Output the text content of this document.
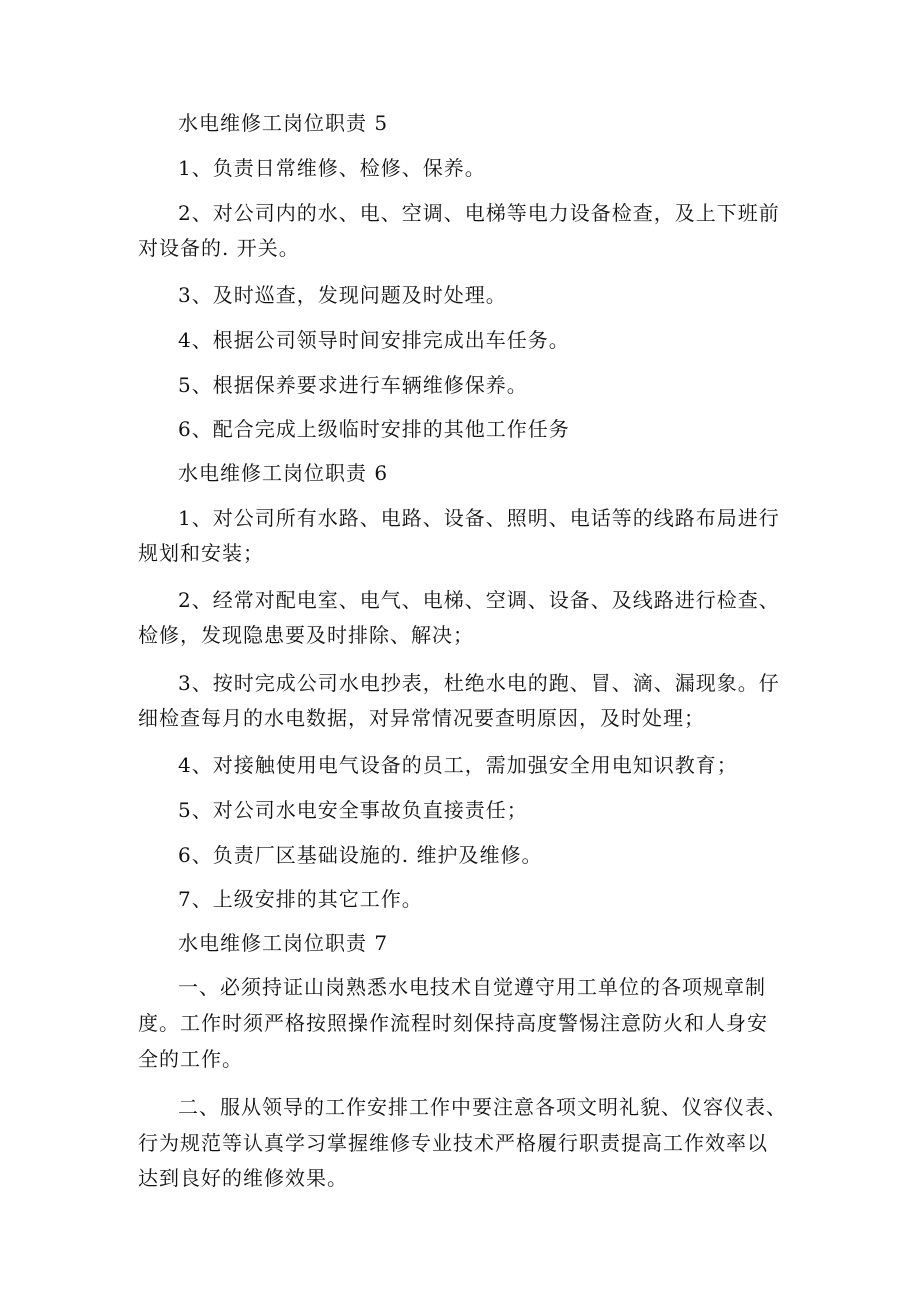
水电维修工岗位职责 5
1、负责日常维修、检修、保养。
2、对公司内的水、电、空调、电梯等电力设备检查，及上下班前
对设备的. 开关。
3、及时巡查，发现问题及时处理。
4、根据公司领导时间安排完成出车任务。
5、根据保养要求进行车辆维修保养。
6、配合完成上级临时安排的其他工作任务
水电维修工岗位职责 6
1、对公司所有水路、电路、设备、照明、电话等的线路布局进行
规划和安装；
2、经常对配电室、电气、电梯、空调、设备、及线路进行检查、
检修，发现隐患要及时排除、解决；
3、按时完成公司水电抄表，杜绝水电的跑、冒、滴、漏现象。仔
细检查每月的水电数据，对异常情况要查明原因，及时处理；
4、对接触使用电气设备的员工，需加强安全用电知识教育；
5、对公司水电安全事故负直接责任；
6、负责厂区基础设施的. 维护及维修。
7、上级安排的其它工作。
水电维修工岗位职责 7
一、必须持证山岗熟悉水电技术自觉遵守用工单位的各项规章制
度。工作时须严格按照操作流程时刻保持高度警惕注意防火和人身安
全的工作。
二、服从领导的工作安排工作中要注意各项文明礼貌、仪容仪表、
行为规范等认真学习掌握维修专业技术严格履行职责提高工作效率以
达到良好的维修效果。
